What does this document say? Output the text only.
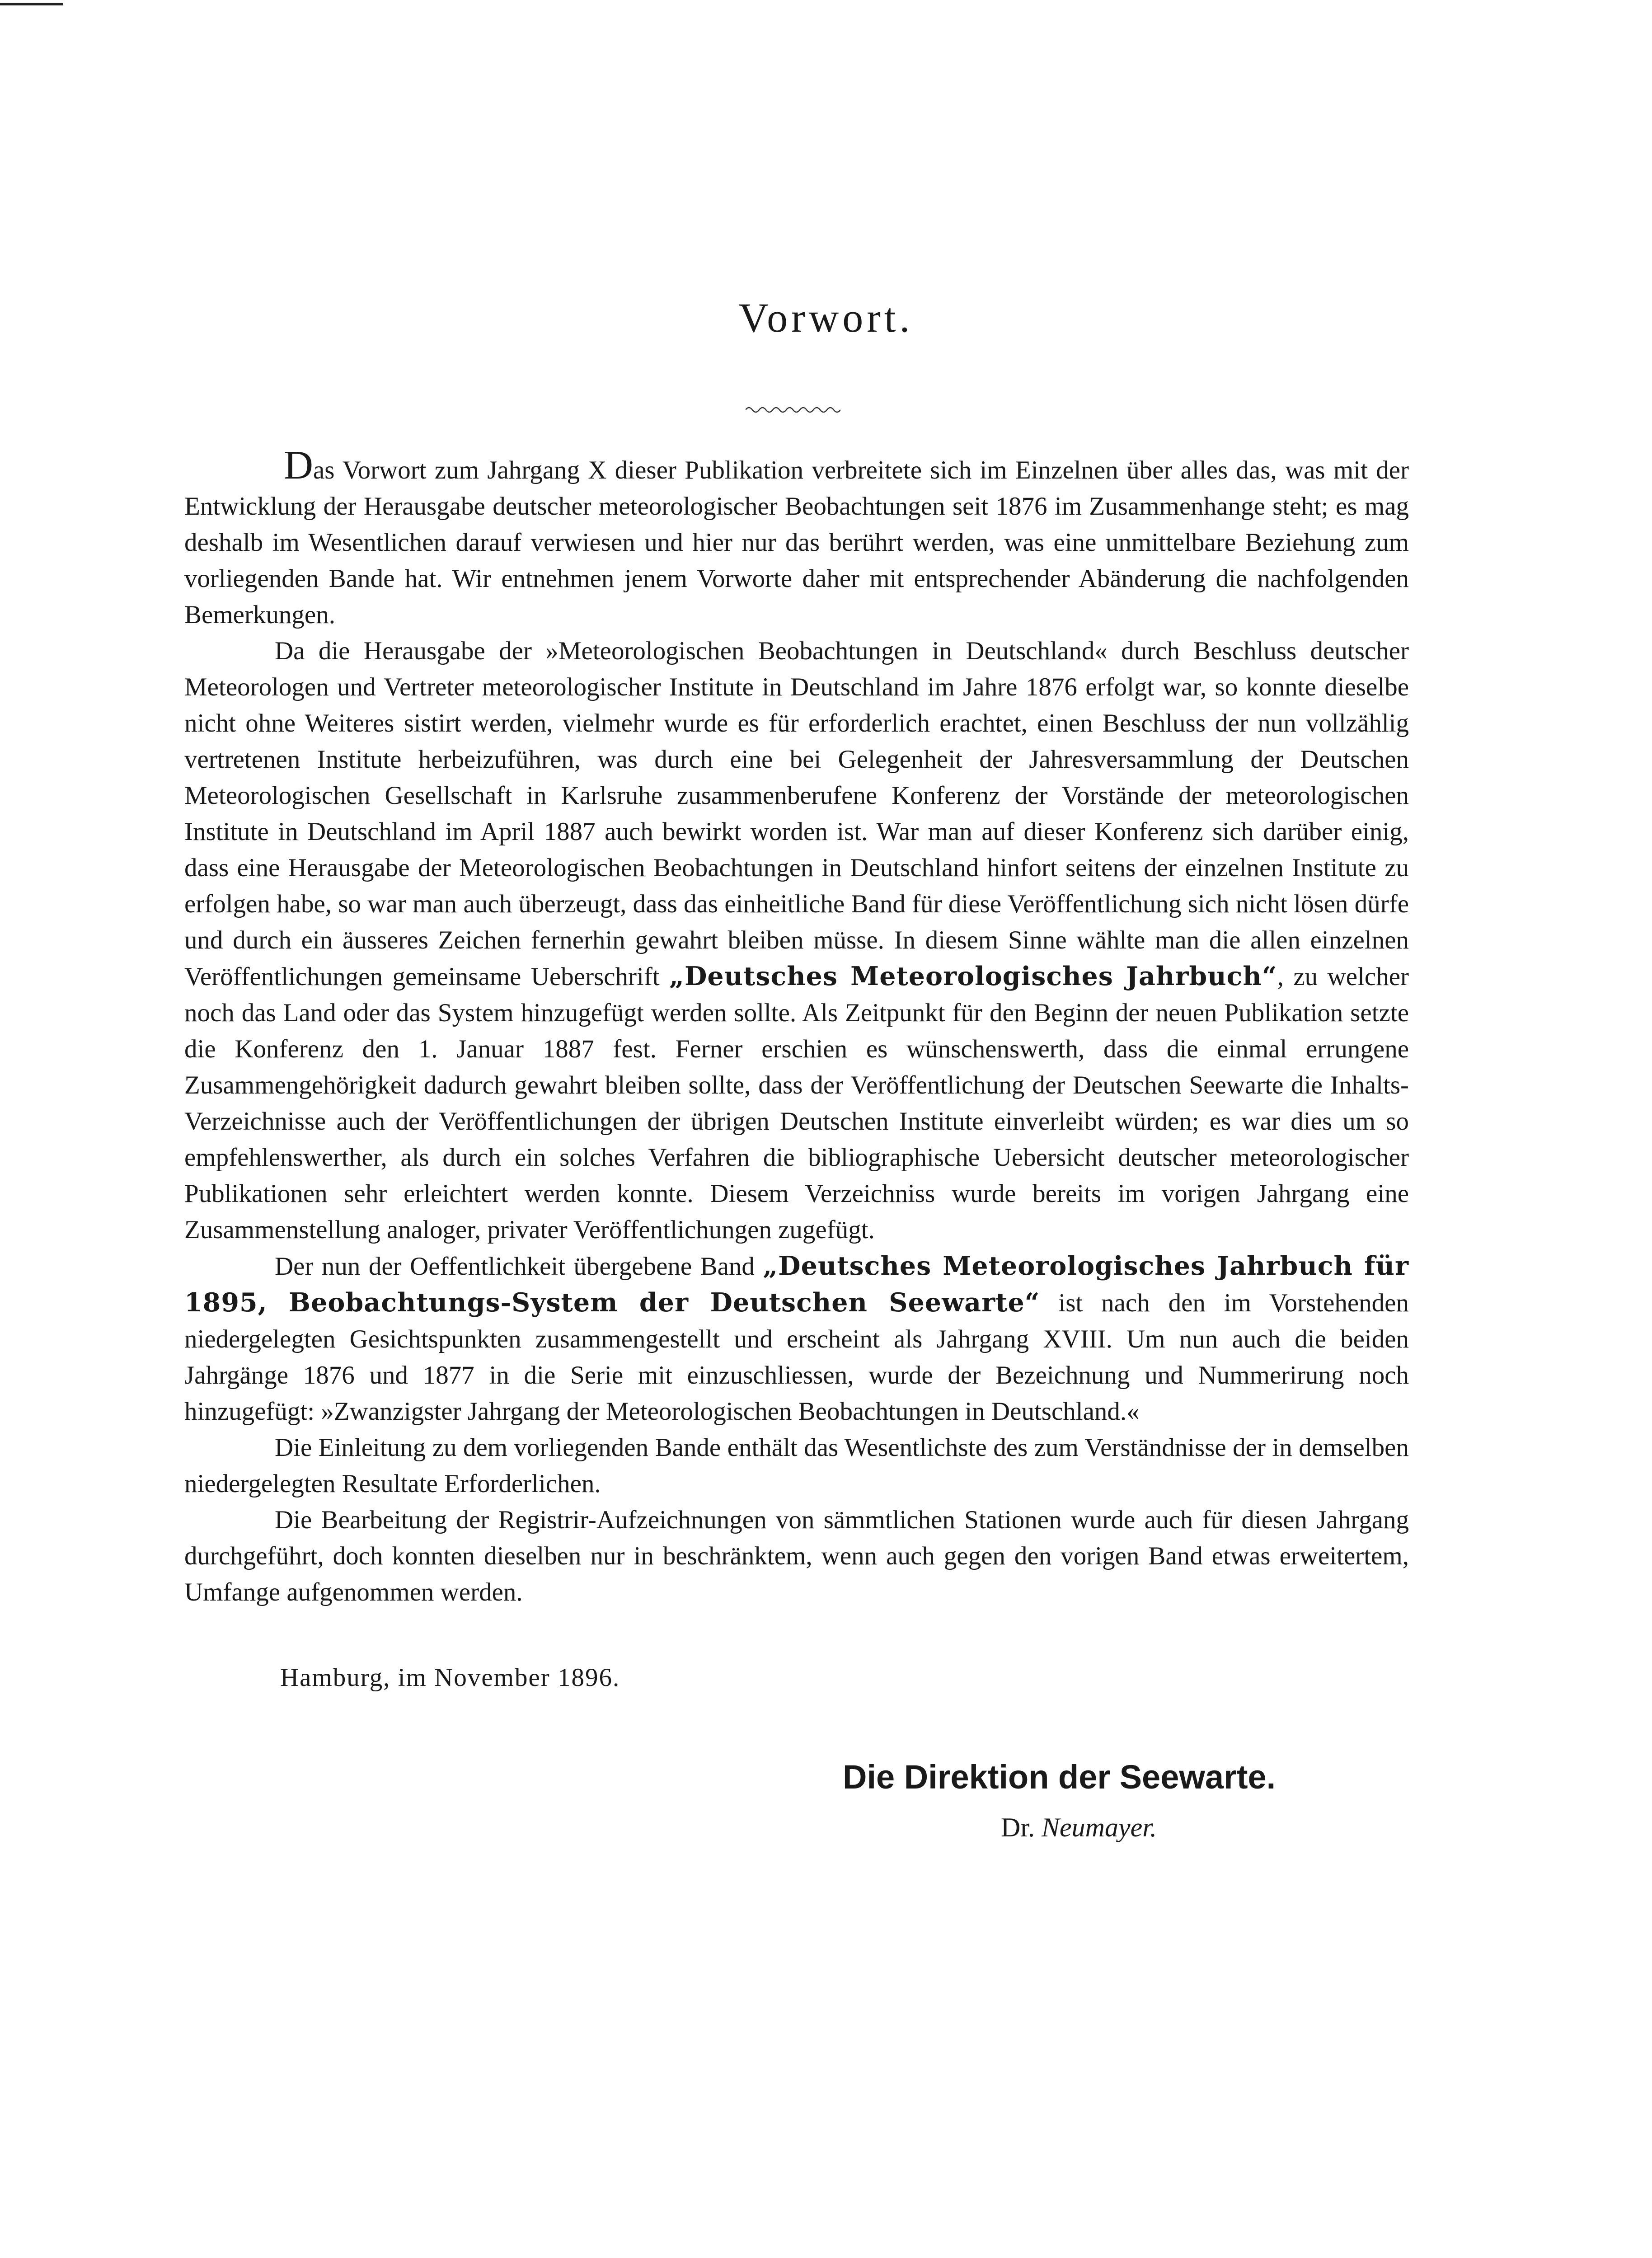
Vorwort.

Das Vorwort zum Jahrgang X dieser Publikation verbreitete sich im Einzelnen über alles das, was mit der Entwicklung der Herausgabe deutscher meteorologischer Beobachtungen seit 1876 im Zusammenhange steht; es mag deshalb im Wesentlichen darauf verwiesen und hier nur das berührt werden, was eine unmittelbare Beziehung zum vorliegenden Bande hat. Wir entnehmen jenem Vorworte daher mit entsprechender Abänderung die nachfolgenden Bemerkungen.

Da die Herausgabe der »Meteorologischen Beobachtungen in Deutschland« durch Beschluss deutscher Meteorologen und Vertreter meteorologischer Institute in Deutschland im Jahre 1876 erfolgt war, so konnte dieselbe nicht ohne Weiteres sistirt werden, vielmehr wurde es für erforderlich erachtet, einen Beschluss der nun vollzählig vertretenen Institute herbeizuführen, was durch eine bei Gelegenheit der Jahresversammlung der Deutschen Meteorologischen Gesellschaft in Karlsruhe zusammenberufene Konferenz der Vorstände der meteorologischen Institute in Deutschland im April 1887 auch bewirkt worden ist. War man auf dieser Konferenz sich darüber einig, dass eine Herausgabe der Meteorologischen Beobachtungen in Deutschland hinfort seitens der einzelnen Institute zu erfolgen habe, so war man auch überzeugt, dass das einheitliche Band für diese Veröffentlichung sich nicht lösen dürfe und durch ein äusseres Zeichen fernerhin gewahrt bleiben müsse. In diesem Sinne wählte man die allen einzelnen Veröffentlichungen gemeinsame Ueberschrift „Deutsches Meteorologisches Jahrbuch“, zu welcher noch das Land oder das System hinzugefügt werden sollte. Als Zeitpunkt für den Beginn der neuen Publikation setzte die Konferenz den 1. Januar 1887 fest. Ferner erschien es wünschenswerth, dass die einmal errungene Zusammengehörigkeit dadurch gewahrt bleiben sollte, dass der Veröffentlichung der Deutschen Seewarte die Inhalts-Verzeichnisse auch der Veröffentlichungen der übrigen Deutschen Institute einverleibt würden; es war dies um so empfehlenswerther, als durch ein solches Verfahren die bibliographische Uebersicht deutscher meteorologischer Publikationen sehr erleichtert werden konnte. Diesem Verzeichniss wurde bereits im vorigen Jahrgang eine Zusammenstellung analoger, privater Veröffentlichungen zugefügt.

Der nun der Oeffentlichkeit übergebene Band „Deutsches Meteorologisches Jahrbuch für 1895, Beobachtungs-System der Deutschen Seewarte“ ist nach den im Vorstehenden niedergelegten Gesichtspunkten zusammengestellt und erscheint als Jahrgang XVIII. Um nun auch die beiden Jahrgänge 1876 und 1877 in die Serie mit einzuschliessen, wurde der Bezeichnung und Nummerirung noch hinzugefügt: »Zwanzigster Jahrgang der Meteorologischen Beobachtungen in Deutschland.«

Die Einleitung zu dem vorliegenden Bande enthält das Wesentlichste des zum Verständnisse der in demselben niedergelegten Resultate Erforderlichen.

Die Bearbeitung der Registrir-Aufzeichnungen von sämmtlichen Stationen wurde auch für diesen Jahrgang durchgeführt, doch konnten dieselben nur in beschränktem, wenn auch gegen den vorigen Band etwas erweitertem, Umfange aufgenommen werden.

Hamburg, im November 1896.
Die Direktion der Seewarte.
Dr. Neumayer.
